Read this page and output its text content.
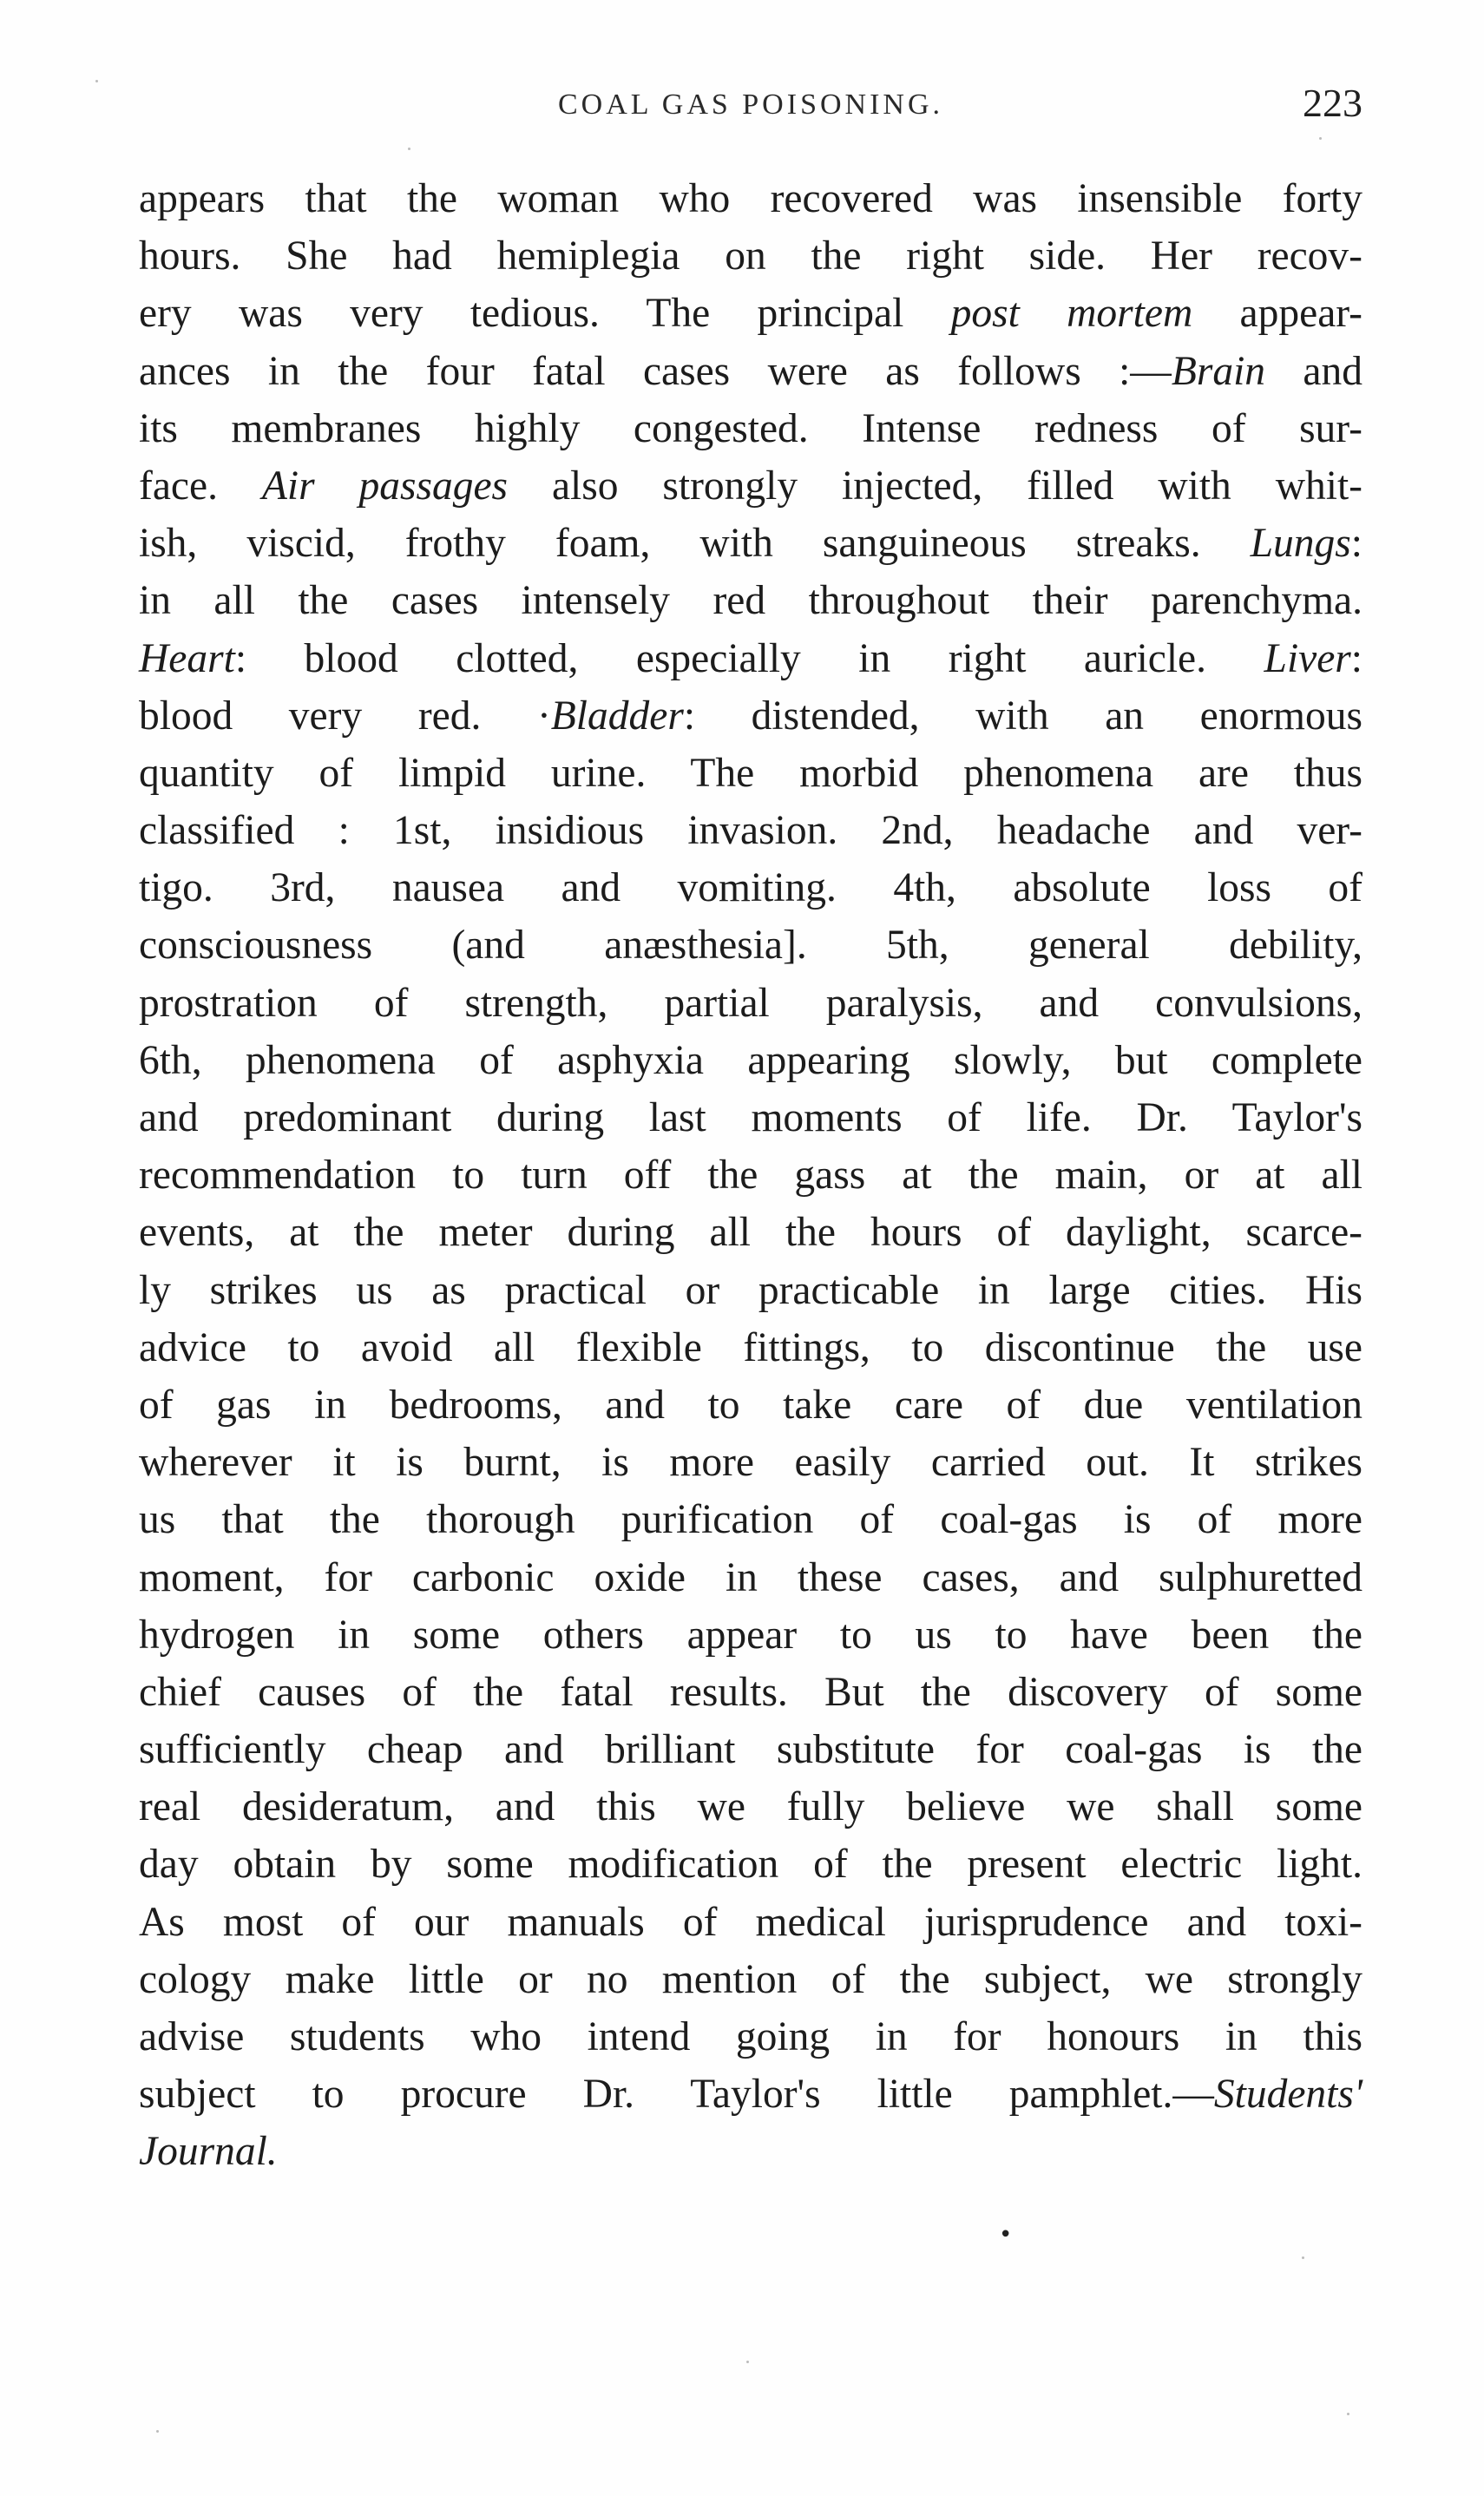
COAL GAS POISONING.	223
appears that the woman who recovered was insensible forty
hours. She had hemiplegia on the right side. Her recov-
ery was very tedious. The principal post mortem appear-
ances in the four fatal cases were as follows :—Brain and
its membranes highly congested. Intense redness of sur-
face. Air passages also strongly injected, filled with whit-
ish, viscid, frothy foam, with sanguineous streaks. Lungs:
in all the cases intensely red throughout their parenchyma.
Heart: blood clotted, especially in right auricle. Liver:
blood very red. ·Bladder: distended, with an enormous
quantity of limpid urine. The morbid phenomena are thus
classified : 1st, insidious invasion. 2nd, headache and ver-
tigo. 3rd, nausea and vomiting. 4th, absolute loss of
consciousness (and anæsthesia]. 5th, general debility,
prostration of strength, partial paralysis, and convulsions,
6th, phenomena of asphyxia appearing slowly, but complete
and predominant during last moments of life. Dr. Taylor's
recommendation to turn off the gass at the main, or at all
events, at the meter during all the hours of daylight, scarce-
ly strikes us as practical or practicable in large cities. His
advice to avoid all flexible fittings, to discontinue the use
of gas in bedrooms, and to take care of due ventilation
wherever it is burnt, is more easily carried out. It strikes
us that the thorough purification of coal-gas is of more
moment, for carbonic oxide in these cases, and sulphuretted
hydrogen in some others appear to us to have been the
chief causes of the fatal results. But the discovery of some
sufficiently cheap and brilliant substitute for coal-gas is the
real desideratum, and this we fully believe we shall some
day obtain by some modification of the present electric light.
As most of our manuals of medical jurisprudence and toxi-
cology make little or no mention of the subject, we strongly
advise students who intend going in for honours in this
subject to procure Dr. Taylor's little pamphlet.—Students'
Journal.
•
